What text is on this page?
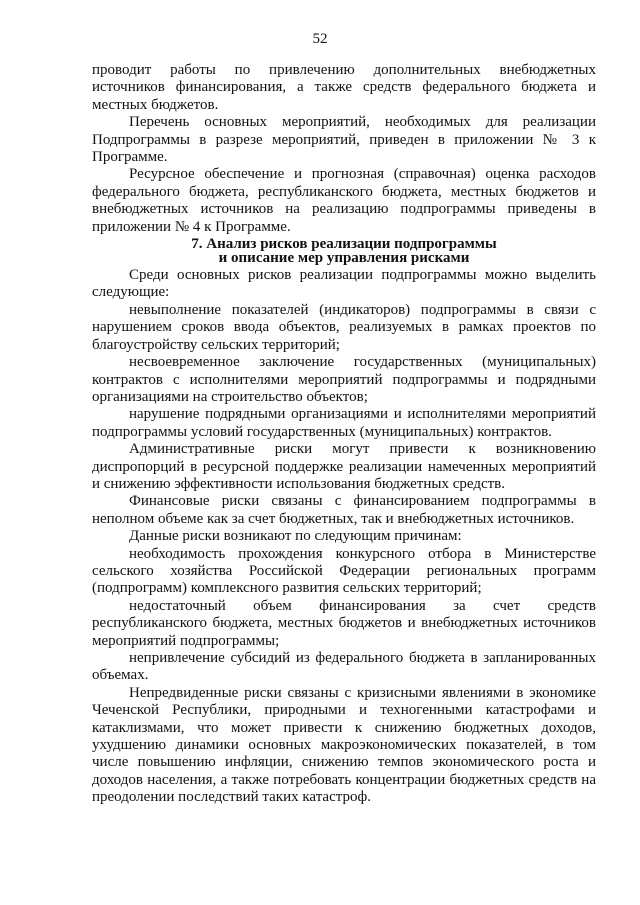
52

проводит работы по привлечению дополнительных внебюджетных источников финансирования, а также средств федерального бюджета и местных бюджетов.

Перечень основных мероприятий, необходимых для реализации Подпрограммы в разрезе мероприятий, приведен в приложении № 3 к Программе.

Ресурсное обеспечение и прогнозная (справочная) оценка расходов федерального бюджета, республиканского бюджета, местных бюджетов и внебюджетных источников на реализацию подпрограммы приведены в приложении № 4 к Программе.

7. Анализ рисков реализации подпрограммы
и описание мер управления рисками

Среди основных рисков реализации подпрограммы можно выделить следующие:

невыполнение показателей (индикаторов) подпрограммы в связи с нарушением сроков ввода объектов, реализуемых в рамках проектов по благоустройству сельских территорий;

несвоевременное заключение государственных (муниципальных) контрактов с исполнителями мероприятий подпрограммы и подрядными организациями на строительство объектов;

нарушение подрядными организациями и исполнителями мероприятий подпрограммы условий государственных (муниципальных) контрактов.

Административные риски могут привести к возникновению диспропорций в ресурсной поддержке реализации намеченных мероприятий и снижению эффективности использования бюджетных средств.

Финансовые риски связаны с финансированием подпрограммы в неполном объеме как за счет бюджетных, так и внебюджетных источников.

Данные риски возникают по следующим причинам:

необходимость прохождения конкурсного отбора в Министерстве сельского хозяйства Российской Федерации региональных программ (подпрограмм) комплексного развития сельских территорий;

недостаточный объем финансирования за счет средств республиканского бюджета, местных бюджетов и внебюджетных источников мероприятий подпрограммы;

непривлечение субсидий из федерального бюджета в запланированных объемах.

Непредвиденные риски связаны с кризисными явлениями в экономике Чеченской Республики, природными и техногенными катастрофами и катаклизмами, что может привести к снижению бюджетных доходов, ухудшению динамики основных макроэкономических показателей, в том числе повышению инфляции, снижению темпов экономического роста и доходов населения, а также потребовать концентрации бюджетных средств на преодолении последствий таких катастроф.
